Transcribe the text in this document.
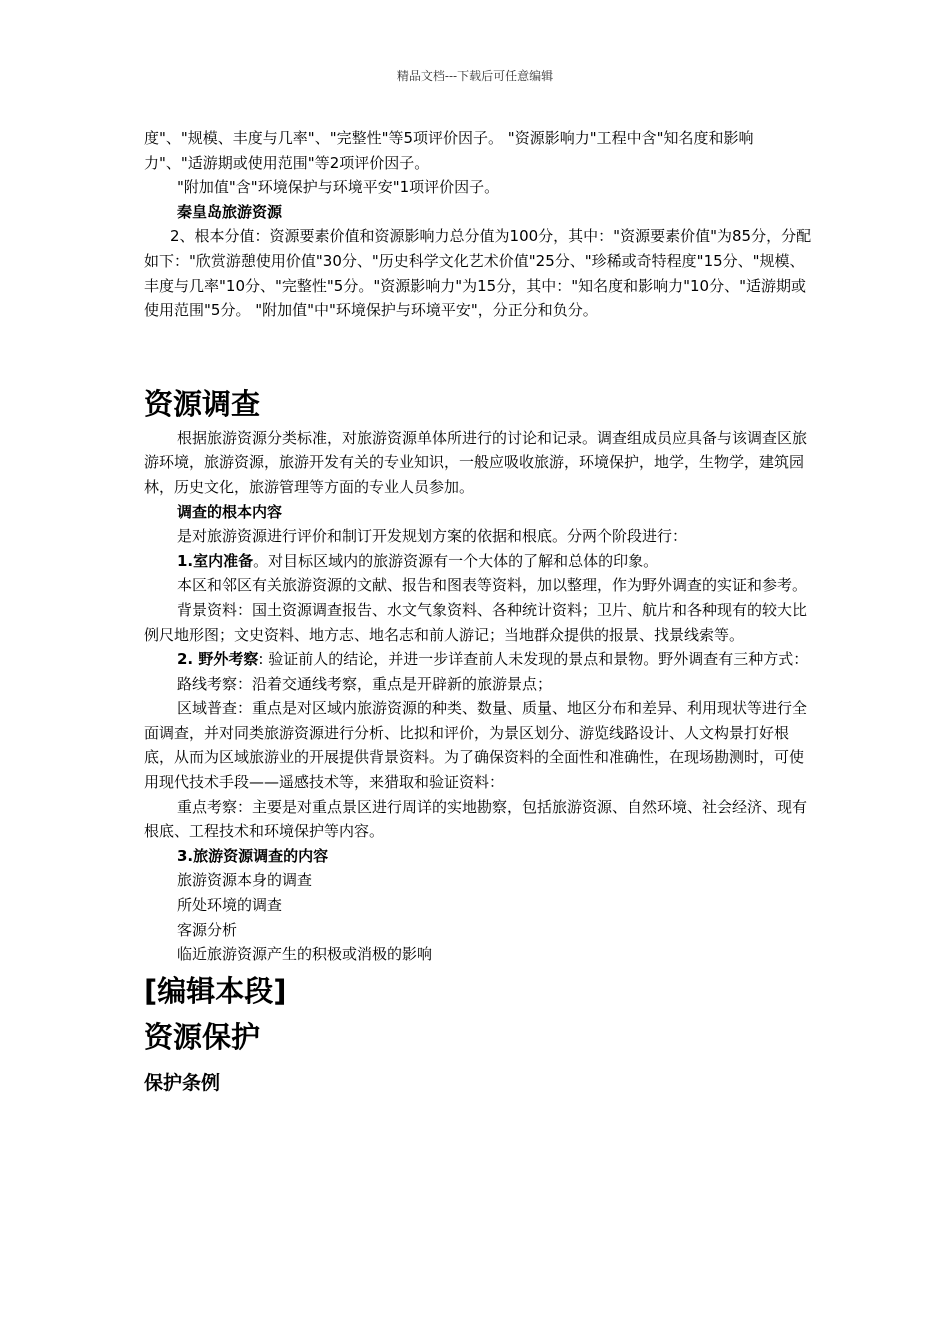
精品文档---下载后可任意编辑

度"、"规模、丰度与几率"、"完整性"等5项评价因子。 "资源影响力"工程中含"知名度和影响力"、"适游期或使用范围"等2项评价因子。

"附加值"含"环境保护与环境平安"1项评价因子。

秦皇岛旅游资源

2、根本分值：资源要素价值和资源影响力总分值为100分，其中："资源要素价值"为85分，分配如下："欣赏游憩使用价值"30分、"历史科学文化艺术价值"25分、"珍稀或奇特程度"15分、"规模、丰度与几率"10分、"完整性"5分。"资源影响力"为15分，其中："知名度和影响力"10分、"适游期或使用范围"5分。 "附加值"中"环境保护与环境平安"，分正分和负分。

资源调查

根据旅游资源分类标准，对旅游资源单体所进行的讨论和记录。调查组成员应具备与该调查区旅游环境，旅游资源，旅游开发有关的专业知识，一般应吸收旅游，环境保护，地学，生物学，建筑园林，历史文化，旅游管理等方面的专业人员参加。

调查的根本内容

是对旅游资源进行评价和制订开发规划方案的依据和根底。分两个阶段进行：

1.室内准备。对目标区域内的旅游资源有一个大体的了解和总体的印象。

本区和邻区有关旅游资源的文献、报告和图表等资料，加以整理，作为野外调查的实证和参考。

背景资料：国土资源调查报告、水文气象资料、各种统计资料；卫片、航片和各种现有的较大比例尺地形图；文史资料、地方志、地名志和前人游记；当地群众提供的报景、找景线索等。

2. 野外考察: 验证前人的结论，并进一步详查前人未发现的景点和景物。野外调查有三种方式：

路线考察：沿着交通线考察，重点是开辟新的旅游景点；

区域普查：重点是对区域内旅游资源的种类、数量、质量、地区分布和差异、利用现状等进行全面调查，并对同类旅游资源进行分析、比拟和评价，为景区划分、游览线路设计、人文构景打好根底，从而为区域旅游业的开展提供背景资料。为了确保资料的全面性和准确性，在现场勘测时，可使用现代技术手段——遥感技术等，来猎取和验证资料：

重点考察：主要是对重点景区进行周详的实地勘察，包括旅游资源、自然环境、社会经济、现有根底、工程技术和环境保护等内容。

3.旅游资源调查的内容

旅游资源本身的调查

所处环境的调查

客源分析

临近旅游资源产生的积极或消极的影响

[编辑本段]

资源保护

保护条例
